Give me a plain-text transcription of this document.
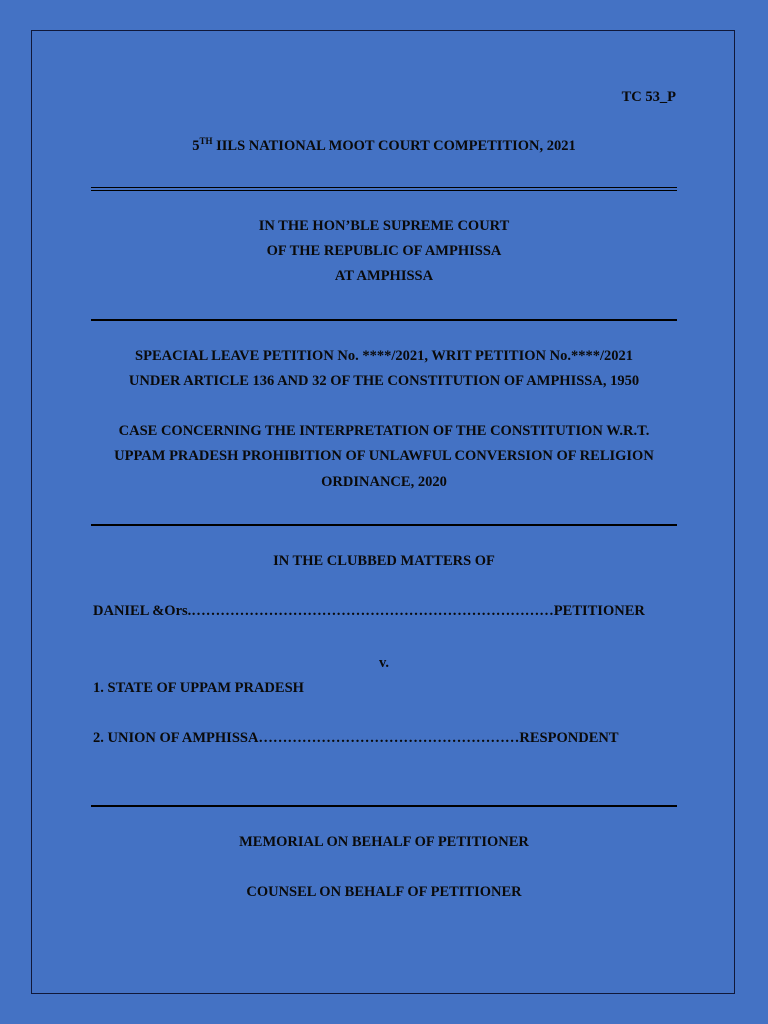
TC 53_P
5TH IILS NATIONAL MOOT COURT COMPETITION, 2021
IN THE HON’BLE SUPREME COURT
OF THE REPUBLIC OF AMPHISSA
AT AMPHISSA
SPEACIAL LEAVE PETITION No. ****/2021, WRIT PETITION No.****/2021
UNDER ARTICLE 136 AND 32 OF THE CONSTITUTION OF AMPHISSA, 1950
CASE CONCERNING THE INTERPRETATION OF THE CONSTITUTION W.R.T.
UPPAM PRADESH PROHIBITION OF UNLAWFUL CONVERSION OF RELIGION
ORDINANCE, 2020
IN THE CLUBBED MATTERS OF
DANIEL &Ors.…………………………………………………………………PETITIONER
v.
1. STATE OF UPPAM PRADESH
2. UNION OF AMPHISSA………………………………………………RESPONDENT
MEMORIAL ON BEHALF OF PETITIONER
COUNSEL ON BEHALF OF PETITIONER
